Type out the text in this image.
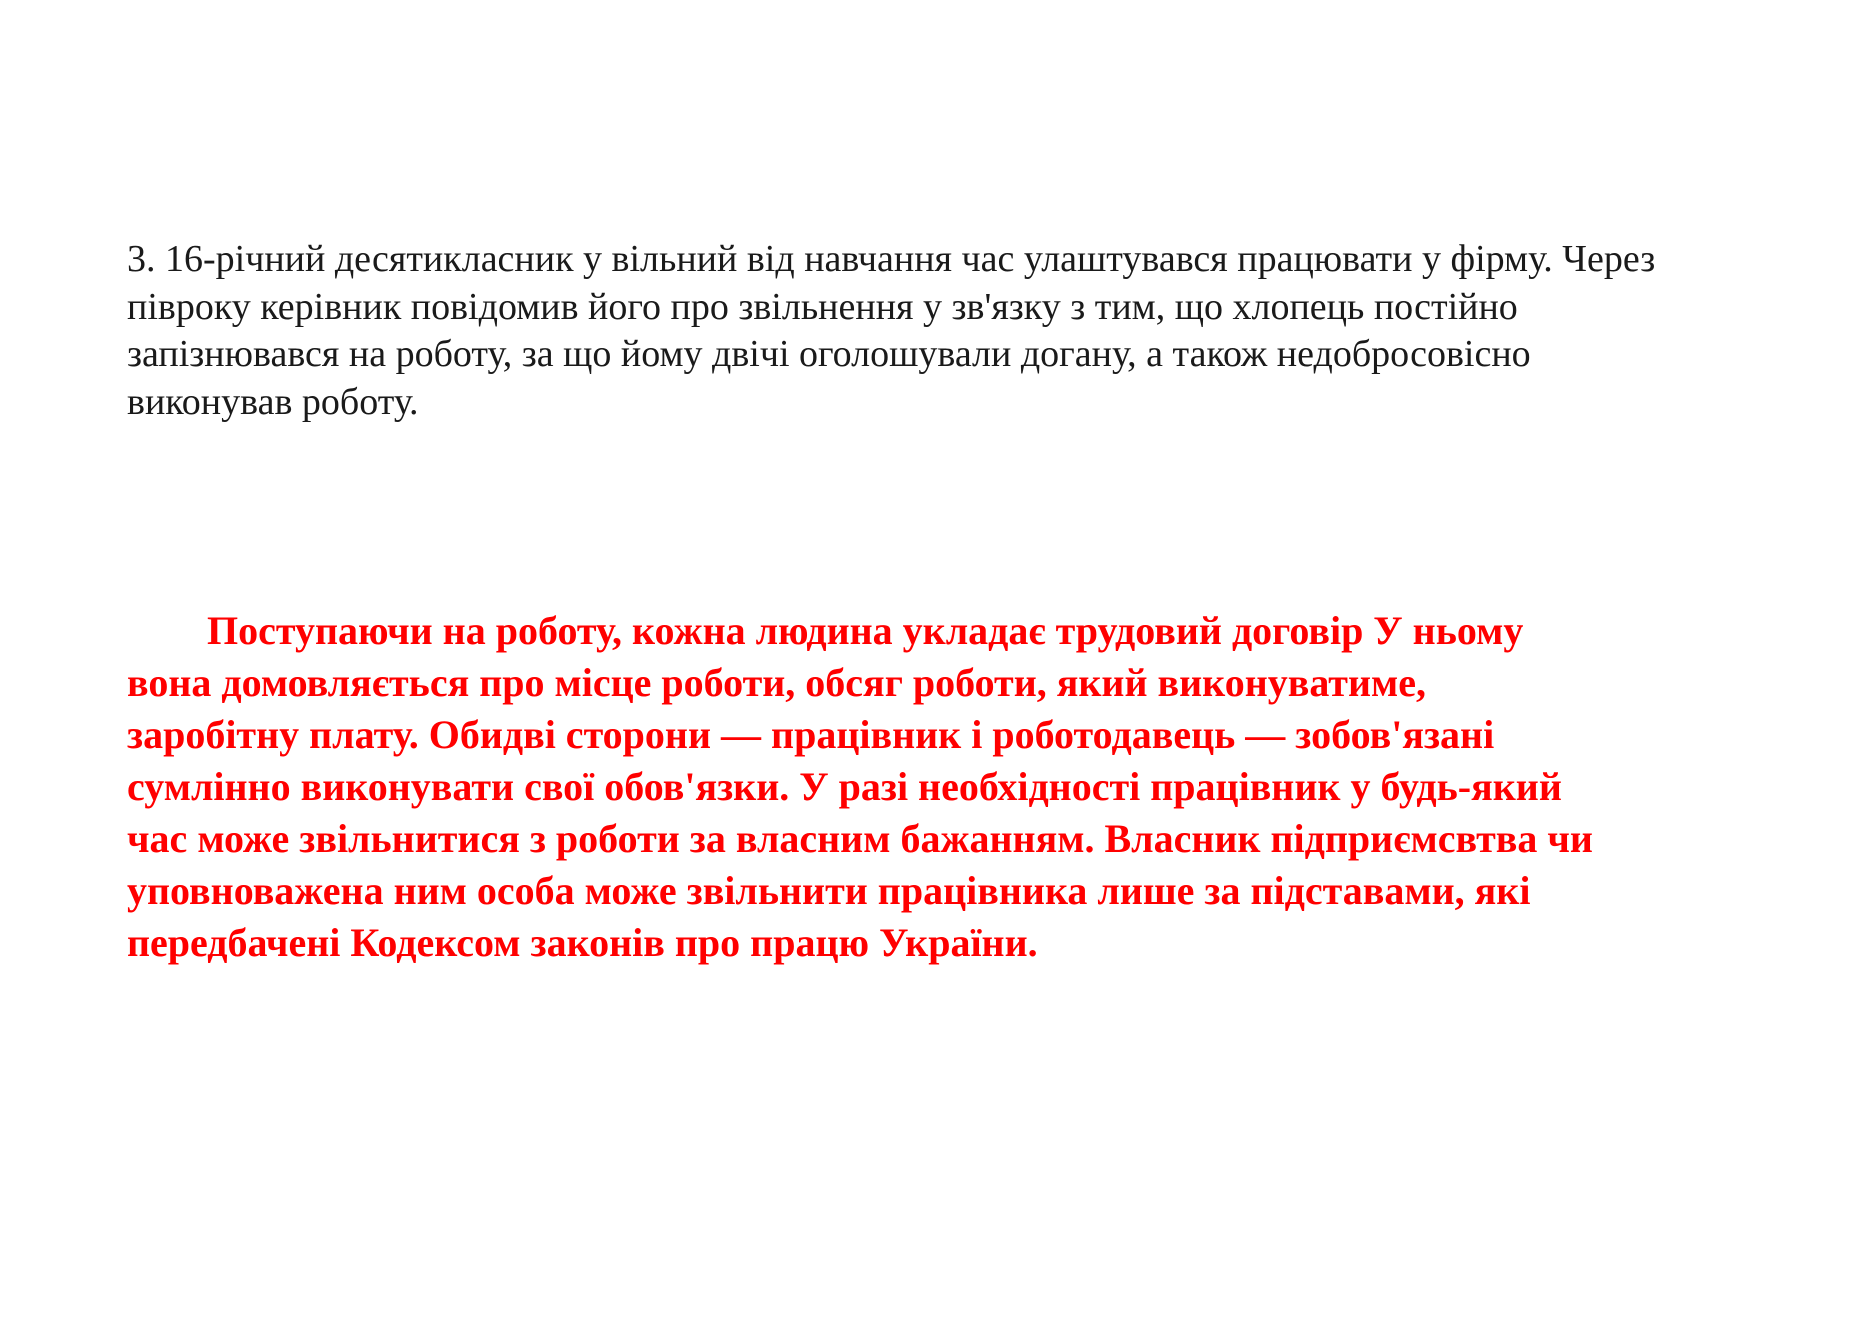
3. 16-річний десятикласник у вільний від навчання час улаштувався працювати у фірму. Через
півроку керівник повідомив його про звільнення у зв'язку з тим, що хлопець постійно
запізнювався на роботу, за що йому двічі оголошували догану, а також недобросовісно
виконував роботу.

Поступаючи на роботу, кожна людина укладає трудовий договір У ньому
вона домовляється про місце роботи, обсяг роботи, який виконуватиме,
заробітну плату. Обидві сторони — працівник і роботодавець — зобов'язані
сумлінно виконувати свої обов'язки. У разі необхідності працівник у будь-який
час може звільнитися з роботи за власним бажанням. Власник підприємсвтва чи
уповноважена ним особа може звільнити працівника лише за підставами, які
передбачені Кодексом законів про працю України.
